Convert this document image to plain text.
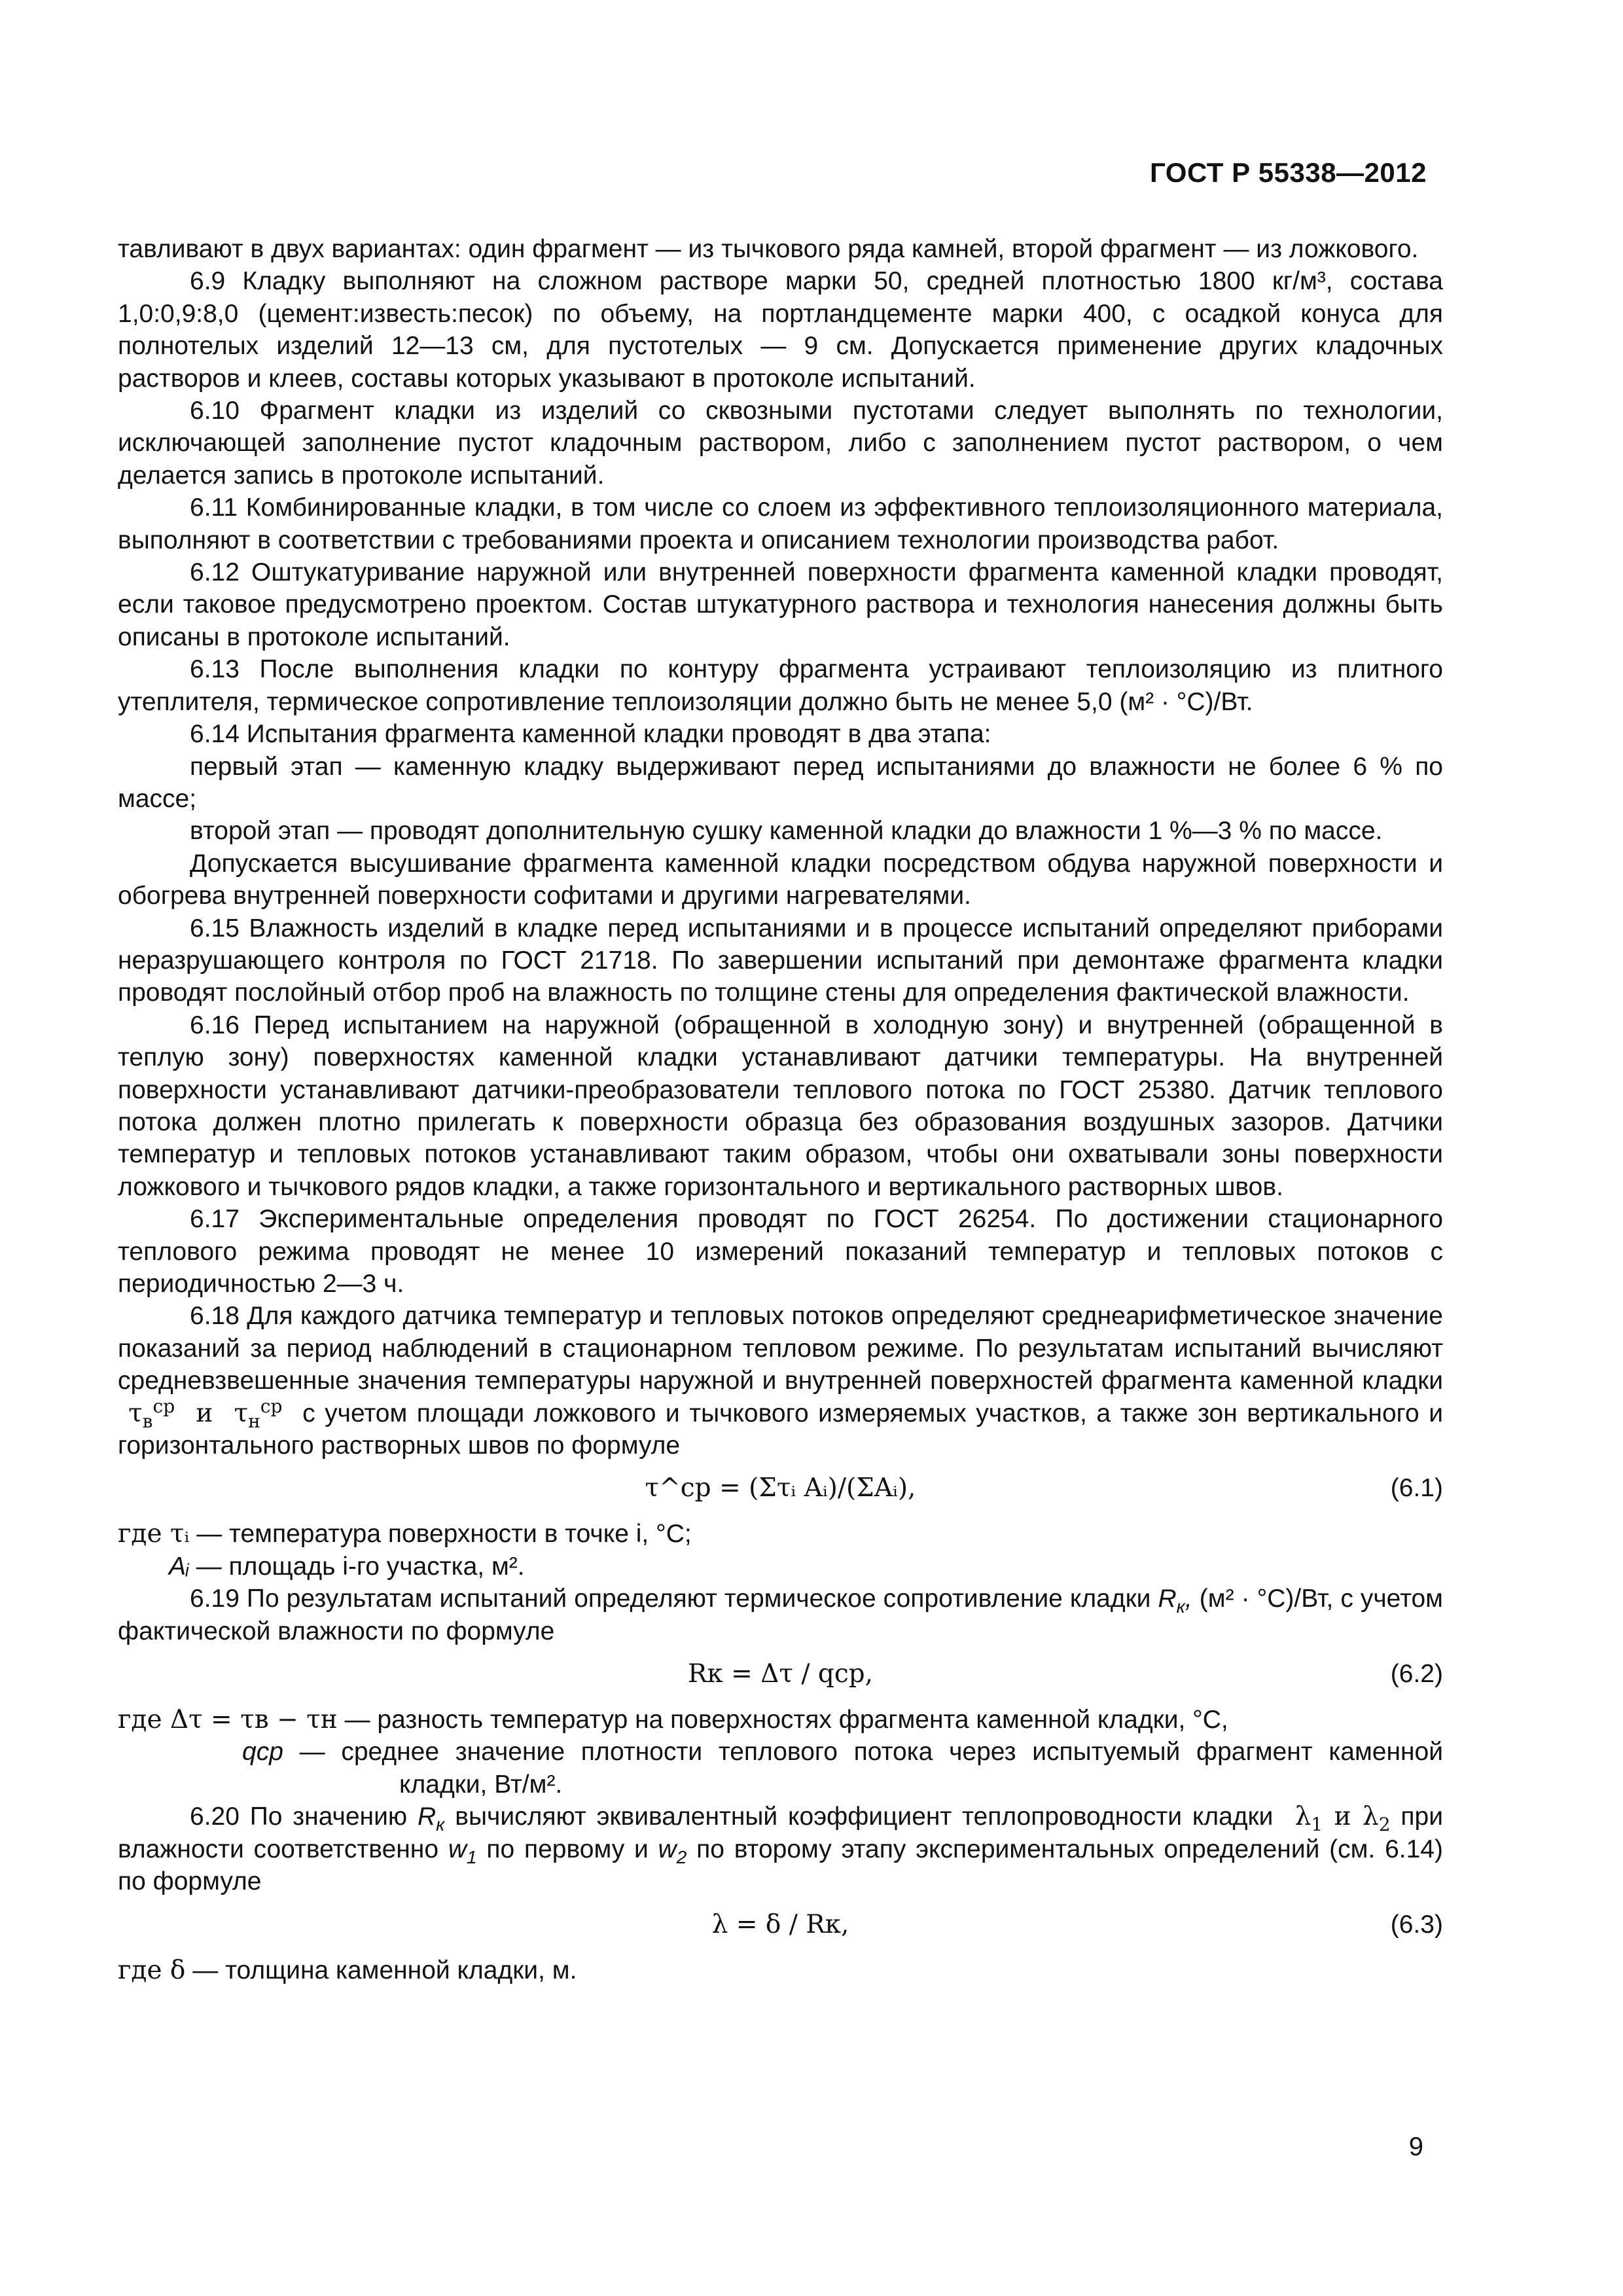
ГОСТ Р 55338—2012

тавливают в двух вариантах: один фрагмент — из тычкового ряда камней, второй фрагмент — из ложкового.

6.9 Кладку выполняют на сложном растворе марки 50, средней плотностью 1800 кг/м³, состава 1,0:0,9:8,0 (цемент:известь:песок) по объему, на портландцементе марки 400, с осадкой конуса для полнотелых изделий 12—13 см, для пустотелых — 9 см. Допускается применение других кладочных растворов и клеев, составы которых указывают в протоколе испытаний.

6.10 Фрагмент кладки из изделий со сквозными пустотами следует выполнять по технологии, исключающей заполнение пустот кладочным раствором, либо с заполнением пустот раствором, о чем делается запись в протоколе испытаний.

6.11 Комбинированные кладки, в том числе со слоем из эффективного теплоизоляционного материала, выполняют в соответствии с требованиями проекта и описанием технологии производства работ.

6.12 Оштукатуривание наружной или внутренней поверхности фрагмента каменной кладки проводят, если таковое предусмотрено проектом. Состав штукатурного раствора и технология нанесения должны быть описаны в протоколе испытаний.

6.13 После выполнения кладки по контуру фрагмента устраивают теплоизоляцию из плитного утеплителя, термическое сопротивление теплоизоляции должно быть не менее 5,0 (м² · °С)/Вт.

6.14 Испытания фрагмента каменной кладки проводят в два этапа:

первый этап — каменную кладку выдерживают перед испытаниями до влажности не более 6 % по массе;

второй этап — проводят дополнительную сушку каменной кладки до влажности 1 %—3 % по массе.

Допускается высушивание фрагмента каменной кладки посредством обдува наружной поверхности и обогрева внутренней поверхности софитами и другими нагревателями.

6.15 Влажность изделий в кладке перед испытаниями и в процессе испытаний определяют приборами неразрушающего контроля по ГОСТ 21718. По завершении испытаний при демонтаже фрагмента кладки проводят послойный отбор проб на влажность по толщине стены для определения фактической влажности.

6.16 Перед испытанием на наружной (обращенной в холодную зону) и внутренней (обращенной в теплую зону) поверхностях каменной кладки устанавливают датчики температуры. На внутренней поверхности устанавливают датчики-преобразователи теплового потока по ГОСТ 25380. Датчик теплового потока должен плотно прилегать к поверхности образца без образования воздушных зазоров. Датчики температур и тепловых потоков устанавливают таким образом, чтобы они охватывали зоны поверхности ложкового и тычкового рядов кладки, а также горизонтального и вертикального растворных швов.

6.17 Экспериментальные определения проводят по ГОСТ 26254. По достижении стационарного теплового режима проводят не менее 10 измерений показаний температур и тепловых потоков с периодичностью 2—3 ч.

6.18 Для каждого датчика температур и тепловых потоков определяют среднеарифметическое значение показаний за период наблюдений в стационарном тепловом режиме. По результатам испытаний вычисляют средневзвешенные значения температуры наружной и внутренней поверхностей фрагмента каменной кладки  $\tau_в^{ср}$  и  $\tau_н^{ср}$ с учетом площади ложкового и тычкового измеряемых участков, а также зон вертикального и горизонтального растворных швов по формуле

τ^ср = (Στᵢ Aᵢ)/(ΣAᵢ),	(6.1)

где τᵢ — температура поверхности в точке i, °С;

Aᵢ — площадь i-го участка, м².

6.19 По результатам испытаний определяют термическое сопротивление кладки $R_к$, (м² · °С)/Вт, с учетом фактической влажности по формуле

Rк = Δτ / qср,	(6.2)

где Δτ = τв − τн — разность температур на поверхностях фрагмента каменной кладки, °С,

qср — среднее значение плотности теплового потока через испытуемый фрагмент каменной кладки, Вт/м².

6.20 По значению $R_к$ вычисляют эквивалентный коэффициент теплопроводности кладки  $\lambda_1$ и $\lambda_2$ при влажности соответственно $w_1$ по первому и $w_2$ по второму этапу экспериментальных определений (см. 6.14) по формуле

λ = δ / Rк,	(6.3)

где δ — толщина каменной кладки, м.

9
